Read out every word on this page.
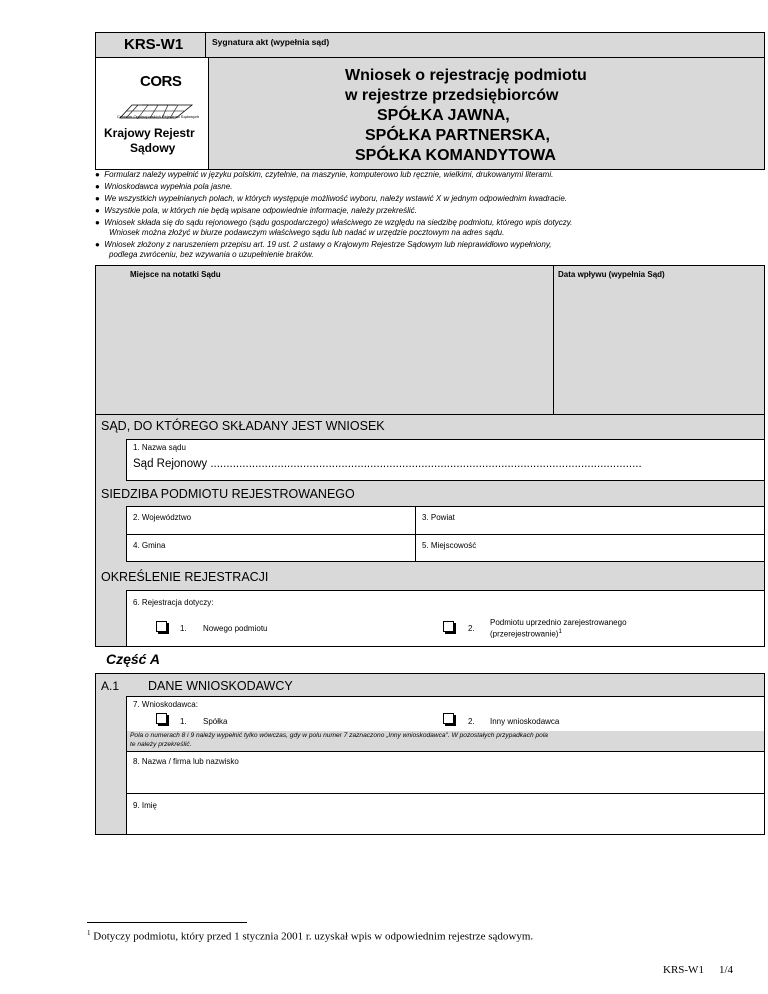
KRS-W1	Sygnatura akt (wypełnia sąd)
CORS
Centrum Ogólnopolskich Rejestrów Sądowych
Krajowy Rejestr
Sądowy
Wniosek o rejestrację podmiotu
w rejestrze przedsiębiorców
SPÓŁKA JAWNA,
SPÓŁKA PARTNERSKA,
SPÓŁKA KOMANDYTOWA
● Formularz należy wypełnić w języku polskim, czytelnie, na maszynie, komputerowo lub ręcznie, wielkimi, drukowanymi literami.
● Wnioskodawca wypełnia pola jasne.
● We wszystkich wypełnianych polach, w których występuje możliwość wyboru, należy wstawić X w jednym odpowiednim kwadracie.
● Wszystkie pola, w których nie będą wpisane odpowiednie informacje, należy przekreślić.
● Wniosek składa się do sądu rejonowego (sądu gospodarczego) właściwego ze względu na siedzibę podmiotu, którego wpis dotyczy.
Wniosek można złożyć w biurze podawczym właściwego sądu lub nadać w urzędzie pocztowym na adres sądu.
● Wniosek złożony z naruszeniem przepisu art. 19 ust. 2 ustawy o Krajowym Rejestrze Sądowym lub nieprawidłowo wypełniony,
podlega zwróceniu, bez wzywania o uzupełnienie braków.
Miejsce na notatki Sądu	Data wpływu (wypełnia Sąd)
SĄD, DO KTÓREGO SKŁADANY JEST WNIOSEK
1. Nazwa sądu
Sąd Rejonowy .......................................................................................................................................
SIEDZIBA PODMIOTU REJESTROWANEGO
2. Województwo	3. Powiat
4. Gmina	5. Miejscowość
OKREŚLENIE REJESTRACJI
6. Rejestracja dotyczy:
1. Nowego podmiotu	2.
Podmiotu uprzednio zarejestrowanego
(przerejestrowanie)$^1$
Część A
A.1 DANE WNIOSKODAWCY
7. Wnioskodawca:
1. Spółka	2. Inny wnioskodawca
Pola o numerach 8 i 9 należy wypełnić tylko wówczas, gdy w polu numer 7 zaznaczono „Inny wnioskodawca". W pozostałych przypadkach pola
te należy przekreślić.
8. Nazwa / firma lub nazwisko
9. Imię
$^1$ Dotyczy podmiotu, który przed 1 stycznia 2001 r. uzyskał wpis w odpowiednim rejestrze sądowym.
KRS-W1 1/4
